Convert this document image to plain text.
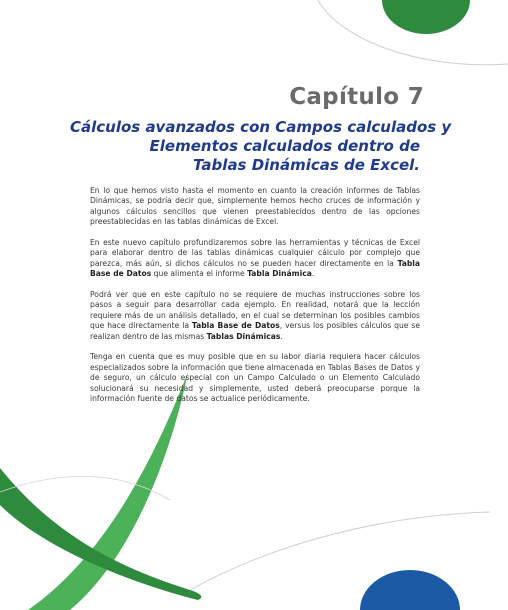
Capítulo 7
Cálculos avanzados con Campos calculados y
Elementos calculados dentro de
Tablas Dinámicas de Excel.

En lo que hemos visto hasta el momento en cuanto la creación informes de Tablas Dinámicas, se podría decir que, simplemente hemos hecho cruces de información y algunos cálculos sencillos que vienen preestablecidos dentro de las opciones preestablecidas en las tablas dinámicas de Excel.

En este nuevo capítulo profundizaremos sobre las herramientas y técnicas de Excel para elaborar dentro de las tablas dinámicas cualquier cálculo por complejo que parezca, más aún, si dichos cálculos no se pueden hacer directamente en la Tabla Base de Datos que alimenta el informe Tabla Dinámica.

Podrá ver que en este capítulo no se requiere de muchas instrucciones sobre los pasos a seguir para desarrollar cada ejemplo. En realidad, notará que la lección requiere más de un análisis detallado, en el cual se determinan los posibles cambios que hace directamente la Tabla Base de Datos, versus los posibles cálculos que se realizan dentro de las mismas Tablas Dinámicas.

Tenga en cuenta que es muy posible que en su labor diaria requiera hacer cálculos especializados sobre la información que tiene almacenada en Tablas Bases de Datos y de seguro, un cálculo especial con un Campo Calculado o un Elemento Calculado solucionará su necesidad y simplemente, usted deberá preocuparse porque la información fuente de datos se actualice periódicamente.
